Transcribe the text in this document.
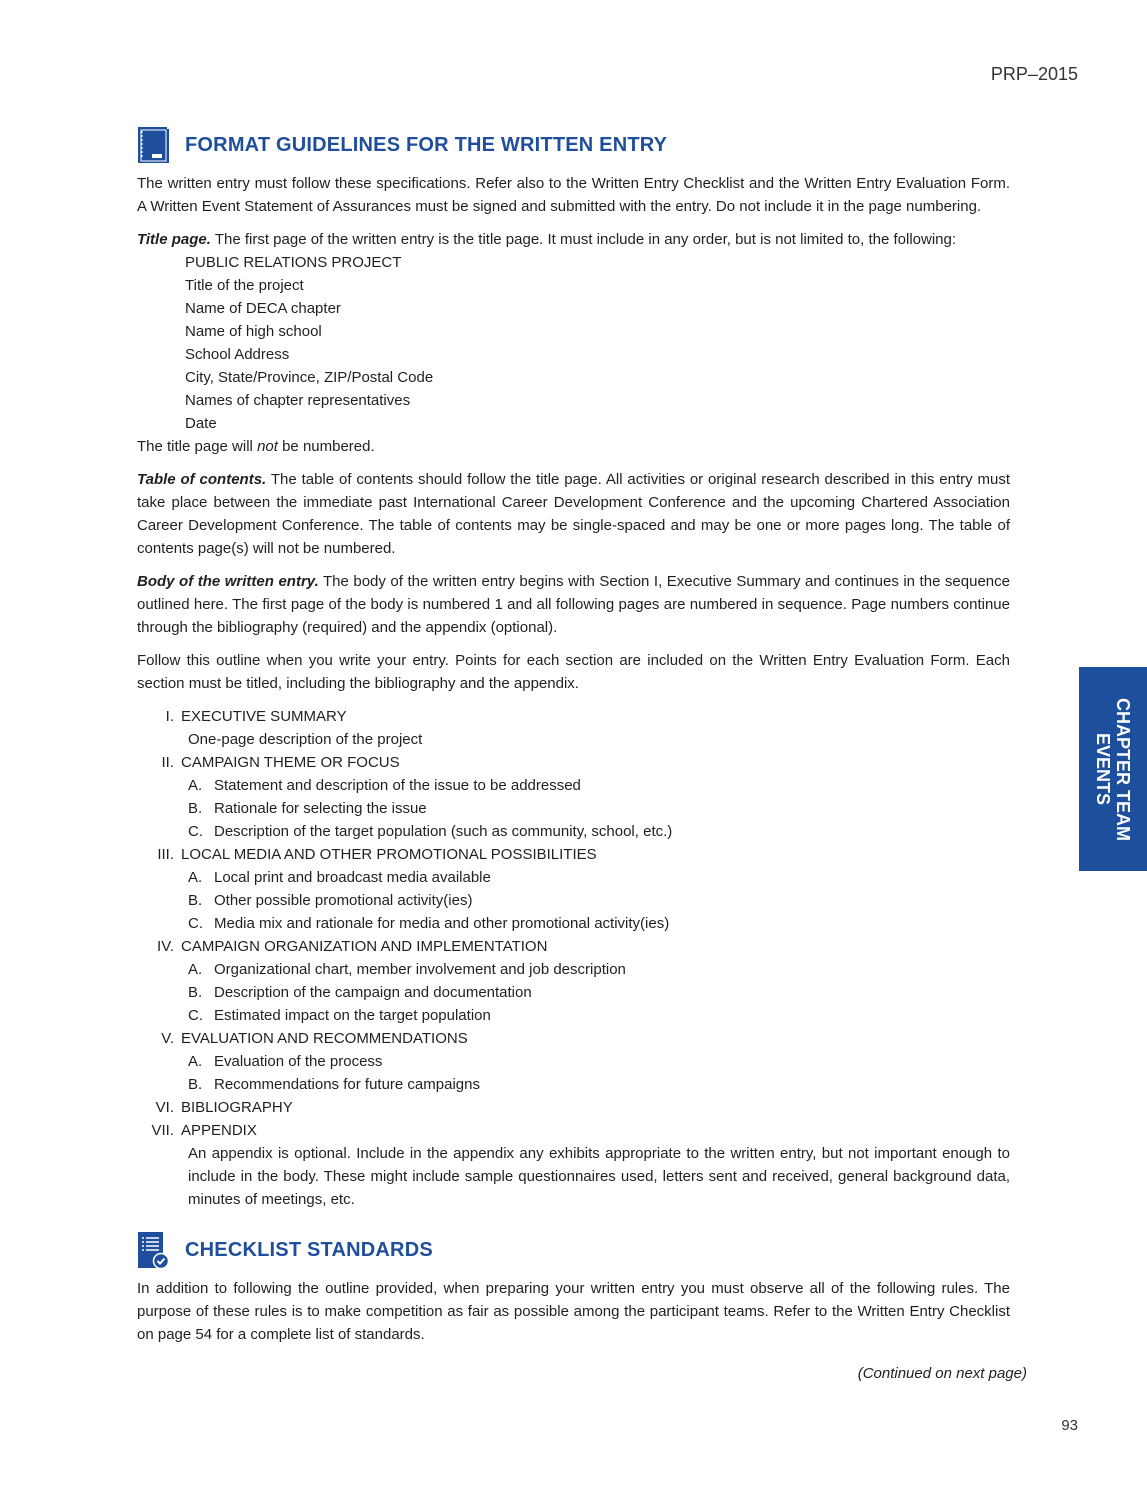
PRP–2015
CHAPTER TEAM EVENTS
FORMAT GUIDELINES FOR THE WRITTEN ENTRY

The written entry must follow these specifications. Refer also to the Written Entry Checklist and the Written Entry Evaluation Form. A Written Event Statement of Assurances must be signed and submitted with the entry. Do not include it in the page numbering.

Title page. The first page of the written entry is the title page. It must include in any order, but is not limited to, the following:
PUBLIC RELATIONS PROJECT
Title of the project
Name of DECA chapter
Name of high school
School Address
City, State/Province, ZIP/Postal Code
Names of chapter representatives
Date

The title page will not be numbered.

Table of contents. The table of contents should follow the title page. All activities or original research described in this entry must take place between the immediate past International Career Development Conference and the upcoming Chartered Association Career Development Conference. The table of contents may be single-spaced and may be one or more pages long. The table of contents page(s) will not be numbered.

Body of the written entry. The body of the written entry begins with Section I, Executive Summary and continues in the sequence outlined here. The first page of the body is numbered 1 and all following pages are numbered in sequence. Page numbers continue through the bibliography (required) and the appendix (optional).

Follow this outline when you write your entry. Points for each section are included on the Written Entry Evaluation Form. Each section must be titled, including the bibliography and the appendix.

I. EXECUTIVE SUMMARY
One-page description of the project
II. CAMPAIGN THEME OR FOCUS
A. Statement and description of the issue to be addressed
B. Rationale for selecting the issue
C. Description of the target population (such as community, school, etc.)
III. LOCAL MEDIA AND OTHER PROMOTIONAL POSSIBILITIES
A. Local print and broadcast media available
B. Other possible promotional activity(ies)
C. Media mix and rationale for media and other promotional activity(ies)
IV. CAMPAIGN ORGANIZATION AND IMPLEMENTATION
A. Organizational chart, member involvement and job description
B. Description of the campaign and documentation
C. Estimated impact on the target population
V. EVALUATION AND RECOMMENDATIONS
A. Evaluation of the process
B. Recommendations for future campaigns
VI. BIBLIOGRAPHY
VII. APPENDIX
An appendix is optional. Include in the appendix any exhibits appropriate to the written entry, but not important enough to include in the body. These might include sample questionnaires used, letters sent and received, general background data, minutes of meetings, etc.
CHECKLIST STANDARDS

In addition to following the outline provided, when preparing your written entry you must observe all of the following rules. The purpose of these rules is to make competition as fair as possible among the participant teams. Refer to the Written Entry Checklist on page 54 for a complete list of standards.

(Continued on next page)
93
